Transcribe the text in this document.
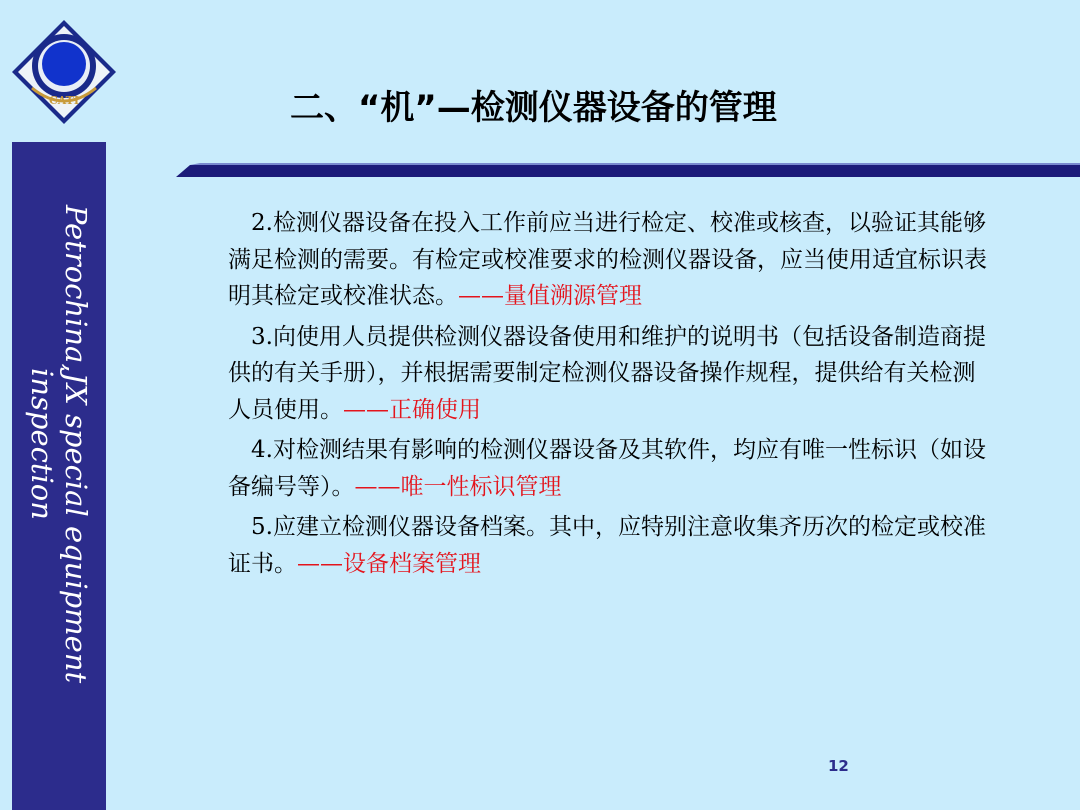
CATI
Petrochina,JX special equipment
inspection
二、“机”—检测仪器设备的管理

 2.检测仪器设备在投入工作前应当进行检定、校准或核查，以验证其能够满足检测的需要。有检定或校准要求的检测仪器设备，应当使用适宜标识表明其检定或校准状态。——量值溯源管理

 3.向使用人员提供检测仪器设备使用和维护的说明书（包括设备制造商提供的有关手册），并根据需要制定检测仪器设备操作规程，提供给有关检测人员使用。——正确使用

 4.对检测结果有影响的检测仪器设备及其软件，均应有唯一性标识（如设备编号等）。——唯一性标识管理

 5.应建立检测仪器设备档案。其中，应特别注意收集齐历次的检定或校准证书。——设备档案管理

12
